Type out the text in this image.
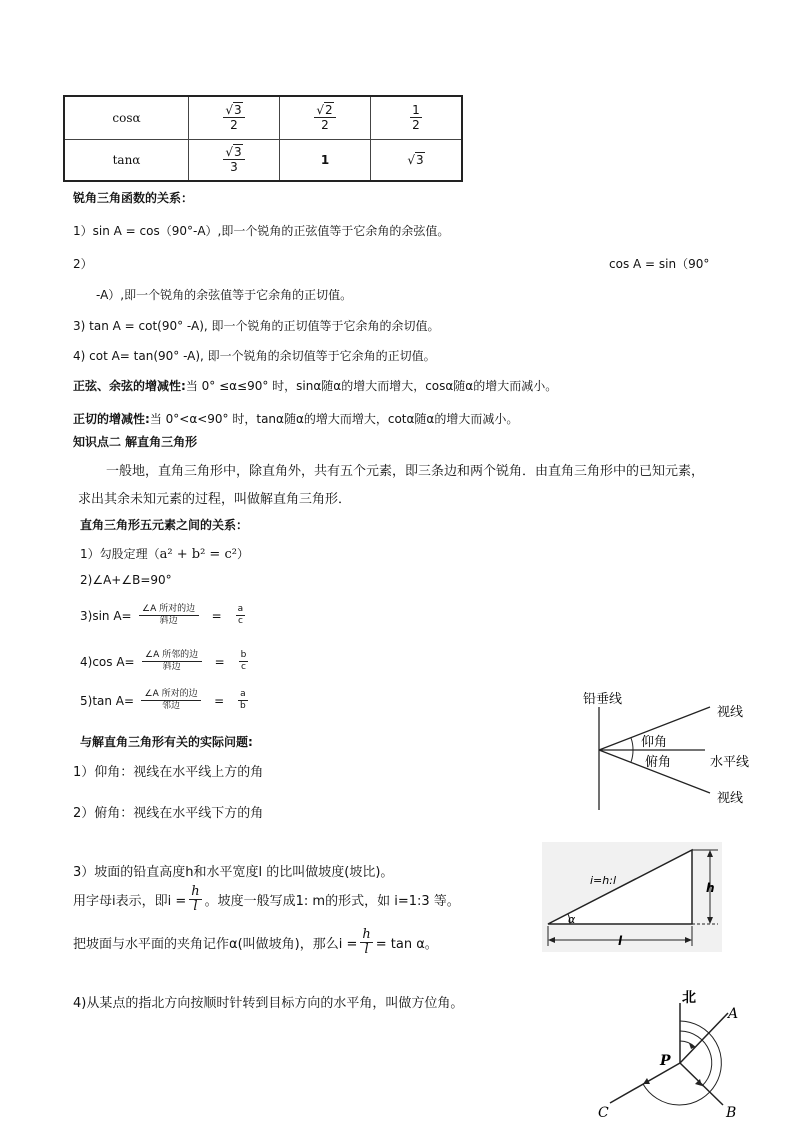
cosα	$\frac{√3}{2}$	$\frac{√2}{2}$	$\frac{1}{2}$

tanα	$\frac{√3}{3}$	1	√3
锐角三角函数的关系：
1）sin A = cos（90°-A）,即一个锐角的正弦值等于它余角的余弦值。
2）	cos A = sin（90°
-A）,即一个锐角的余弦值等于它余角的正切值。
3) tan A = cot(90° -A), 即一个锐角的正切值等于它余角的余切值。
4) cot A= tan(90° -A), 即一个锐角的余切值等于它余角的正切值。
正弦、余弦的增减性:当 0° ≤α≤90° 时，sinα随α的增大而增大，cosα随α的增大而减小。
正切的增减性:当 0°<α<90° 时，tanα随α的增大而增大，cotα随α的增大而减小。
知识点二 解直角三角形
一般地，直角三角形中，除直角外，共有五个元素，即三条边和两个锐角．由直角三角形中的已知元素，
求出其余未知元素的过程，叫做解直角三角形．
直角三角形五元素之间的关系：
1）勾股定理（a² + b² = c²）
2)∠A+∠B=90°
3)sin $A= \frac{\text{∠A 所对的边}}{\text{斜边}} = \frac{a}{c}$
4)cos $A= \frac{\text{∠A 所邻的边}}{\text{斜边}} = \frac{b}{c}$
5)tan $A= \frac{\text{∠A 所对的边}}{\text{邻边}} = \frac{a}{b}$
与解直角三角形有关的实际问题:
1）仰角：视线在水平线上方的角
2）俯角：视线在水平线下方的角
3）坡面的铅直高度h和水平宽度l 的比叫做坡度(坡比)。
用字母i表示，即$i = \frac{h}{l}$ 。坡度一般写成1: m的形式，如 i=1:3 等。
把坡面与水平面的夹角记作α(叫做坡角)，那么$i = \frac{h}{l} = \tan \alpha$。
4)从某点的指北方向按顺时针转到目标方向的水平角，叫做方位角。
铅垂线
视线
仰角
俯角	水平线
视线
i=h:l
h
l
α
北
A
B
C
P
